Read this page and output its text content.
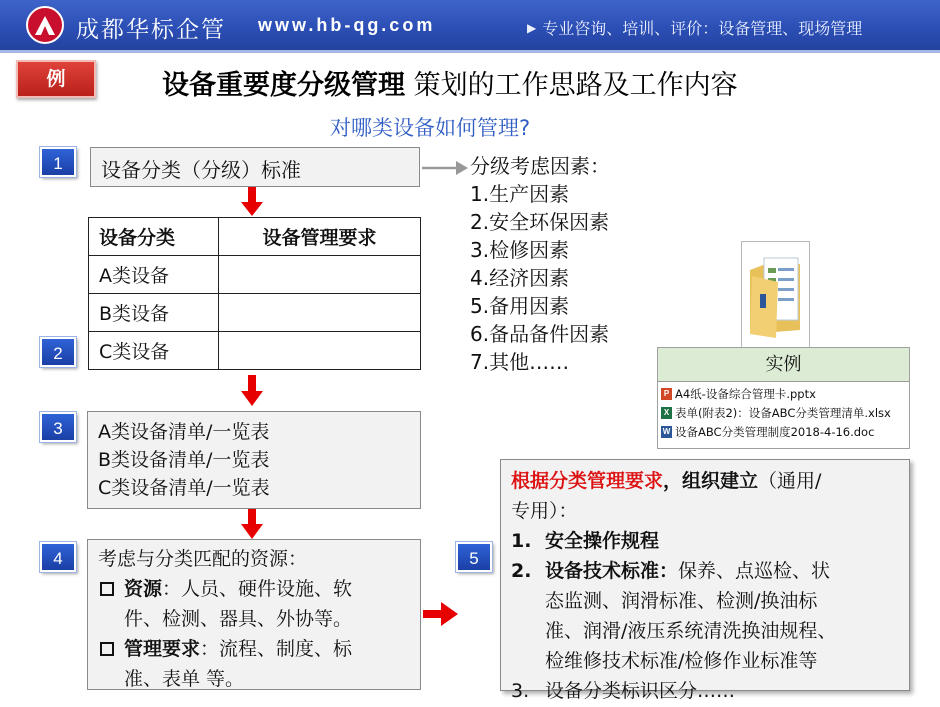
成都华标企管 www.hb-qg.com	▶ 专业咨询、培训、评价：设备管理、现场管理
例	设备重要度分级管理 策划的工作思路及工作内容
对哪类设备如何管理?
1
2
3
4	5
设备分类（分级）标准
设备分类	设备管理要求
A类设备	
B类设备	
C类设备	
分级考虑因素：
1.生产因素
2.安全环保因素
3.检修因素
4.经济因素
5.备用因素
6.备品备件因素
7.其他……	实例
P A4纸-设备综合管理卡.pptx
X 表单(附表2)：设备ABC分类管理清单.xlsx
W 设备ABC分类管理制度2018-4-16.doc
A类设备清单/一览表
B类设备清单/一览表
C类设备清单/一览表
考虑与分类匹配的资源：
资源：人员、硬件设施、软
件、检测、器具、外协等。
管理要求：流程、制度、标
准、表单 等。
根据分类管理要求，组织建立（通用/
专用）：
1. 安全操作规程
2. 设备技术标准：保养、点巡检、状
态监测、润滑标准、检测/换油标
准、润滑/液压系统清洗换油规程、
检维修技术标准/检修作业标准等
3. 设备分类标识区分……
